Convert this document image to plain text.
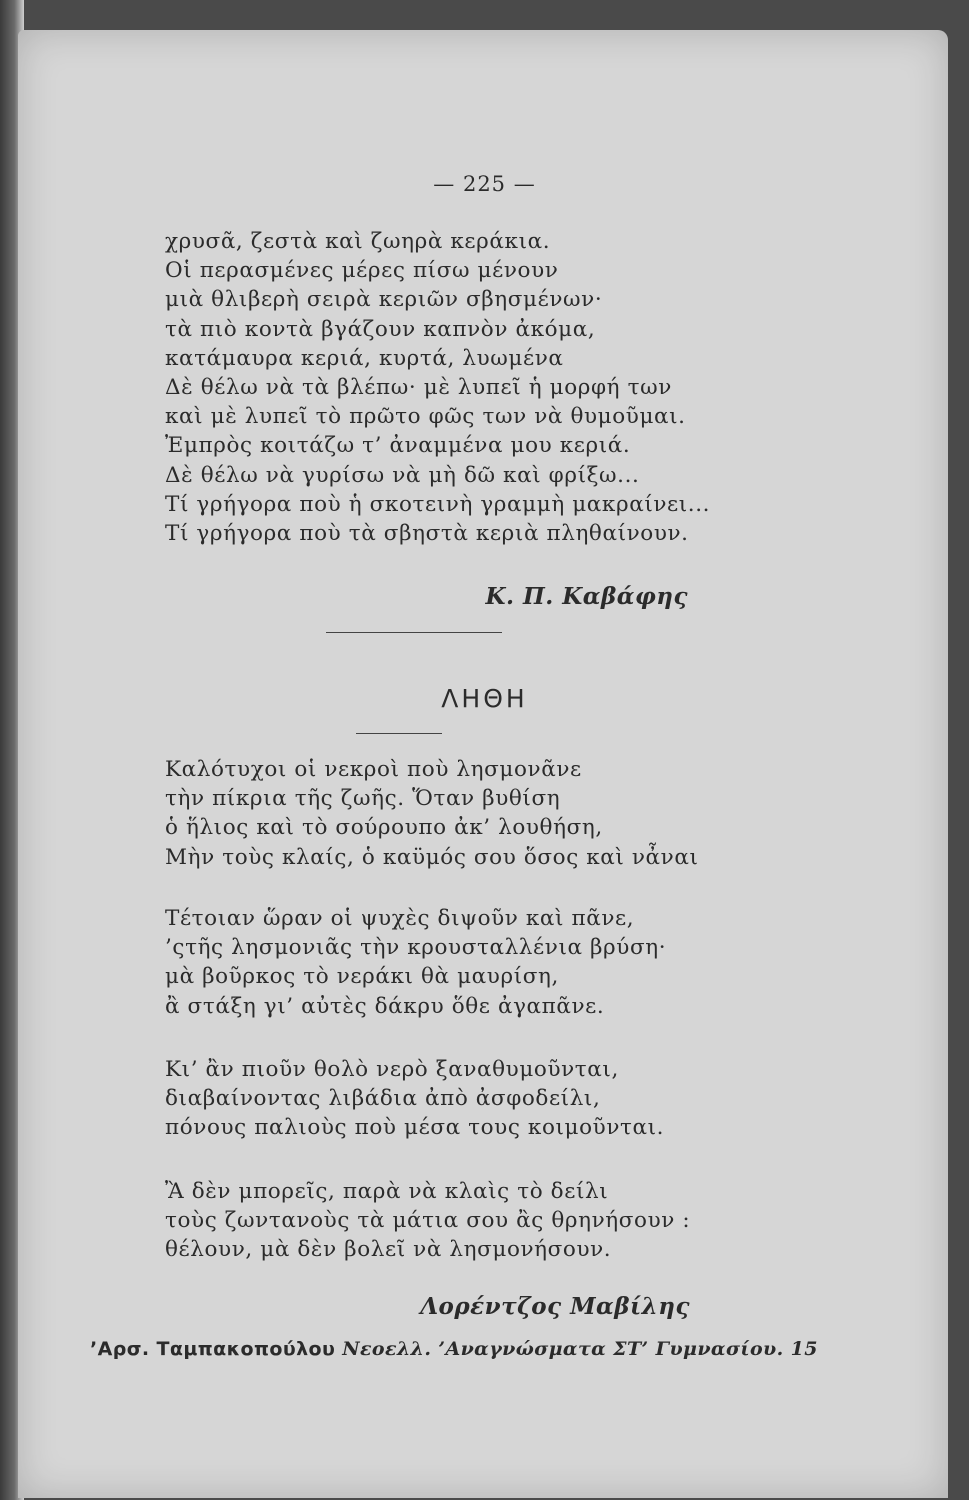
— 225 —
χρυσᾶ, ζεστὰ καὶ ζωηρὰ κεράκια.
Οἱ περασμένες μέρες πίσω μένουν
μιὰ θλιβερὴ σειρὰ κεριῶν σβησμένων·
τὰ πιὸ κοντὰ βγάζουν καπνὸν ἀκόμα,
κατάμαυρα κεριά, κυρτά, λυωμένα
Δὲ θέλω νὰ τὰ βλέπω· μὲ λυπεῖ ἡ μορφή των
καὶ μὲ λυπεῖ τὸ πρῶτο φῶς των νὰ θυμοῦμαι.
Ἐμπρὸς κοιτάζω τ’ ἀναμμένα μου κεριά.
Δὲ θέλω νὰ γυρίσω νὰ μὴ δῶ καὶ φρίξω...
Τί γρήγορα ποὺ ἡ σκοτεινὴ γραμμὴ μακραίνει...
Τί γρήγορα ποὺ τὰ σβηστὰ κεριὰ πληθαίνουν.
Κ. Π. Καβάφης
ΛΗΘΗ
Καλότυχοι οἱ νεκροὶ ποὺ λησμονᾶνε
τὴν πίκρια τῆς ζωῆς. Ὅταν βυθίση
ὁ ἥλιος καὶ τὸ σούρουπο ἀκ’ λουθήση,
Μὴν τοὺς κλαίς, ὁ καϋμός σου ὅσος καὶ νἆναι
Τέτοιαν ὥραν οἱ ψυχὲς διψοῦν καὶ πᾶνε,
’ςτῆς λησμονιᾶς τὴν κρουσταλλένια βρύση·
μὰ βοῦρκος τὸ νεράκι θὰ μαυρίση,
ἂ στάξη γι’ αὐτὲς δάκρυ ὅθε ἀγαπᾶνε.
Κι’ ἂν πιοῦν θολὸ νερὸ ξαναθυμοῦνται,
διαβαίνοντας λιβάδια ἀπὸ ἀσφοδείλι,
πόνους παλιοὺς ποὺ μέσα τους κοιμοῦνται.
Ἂ δὲν μπορεῖς, παρὰ νὰ κλαὶς τὸ δείλι
τοὺς ζωντανοὺς τὰ μάτια σου ἂς θρηνήσουν :
θέλουν, μὰ δὲν βολεῖ νὰ λησμονήσουν.
Λορέντζος Μαβίλης
’Αρσ. Ταμπακοπούλου Νεοελλ. ’Αναγνώσματα ΣΤ’ Γυμνασίου. 15
